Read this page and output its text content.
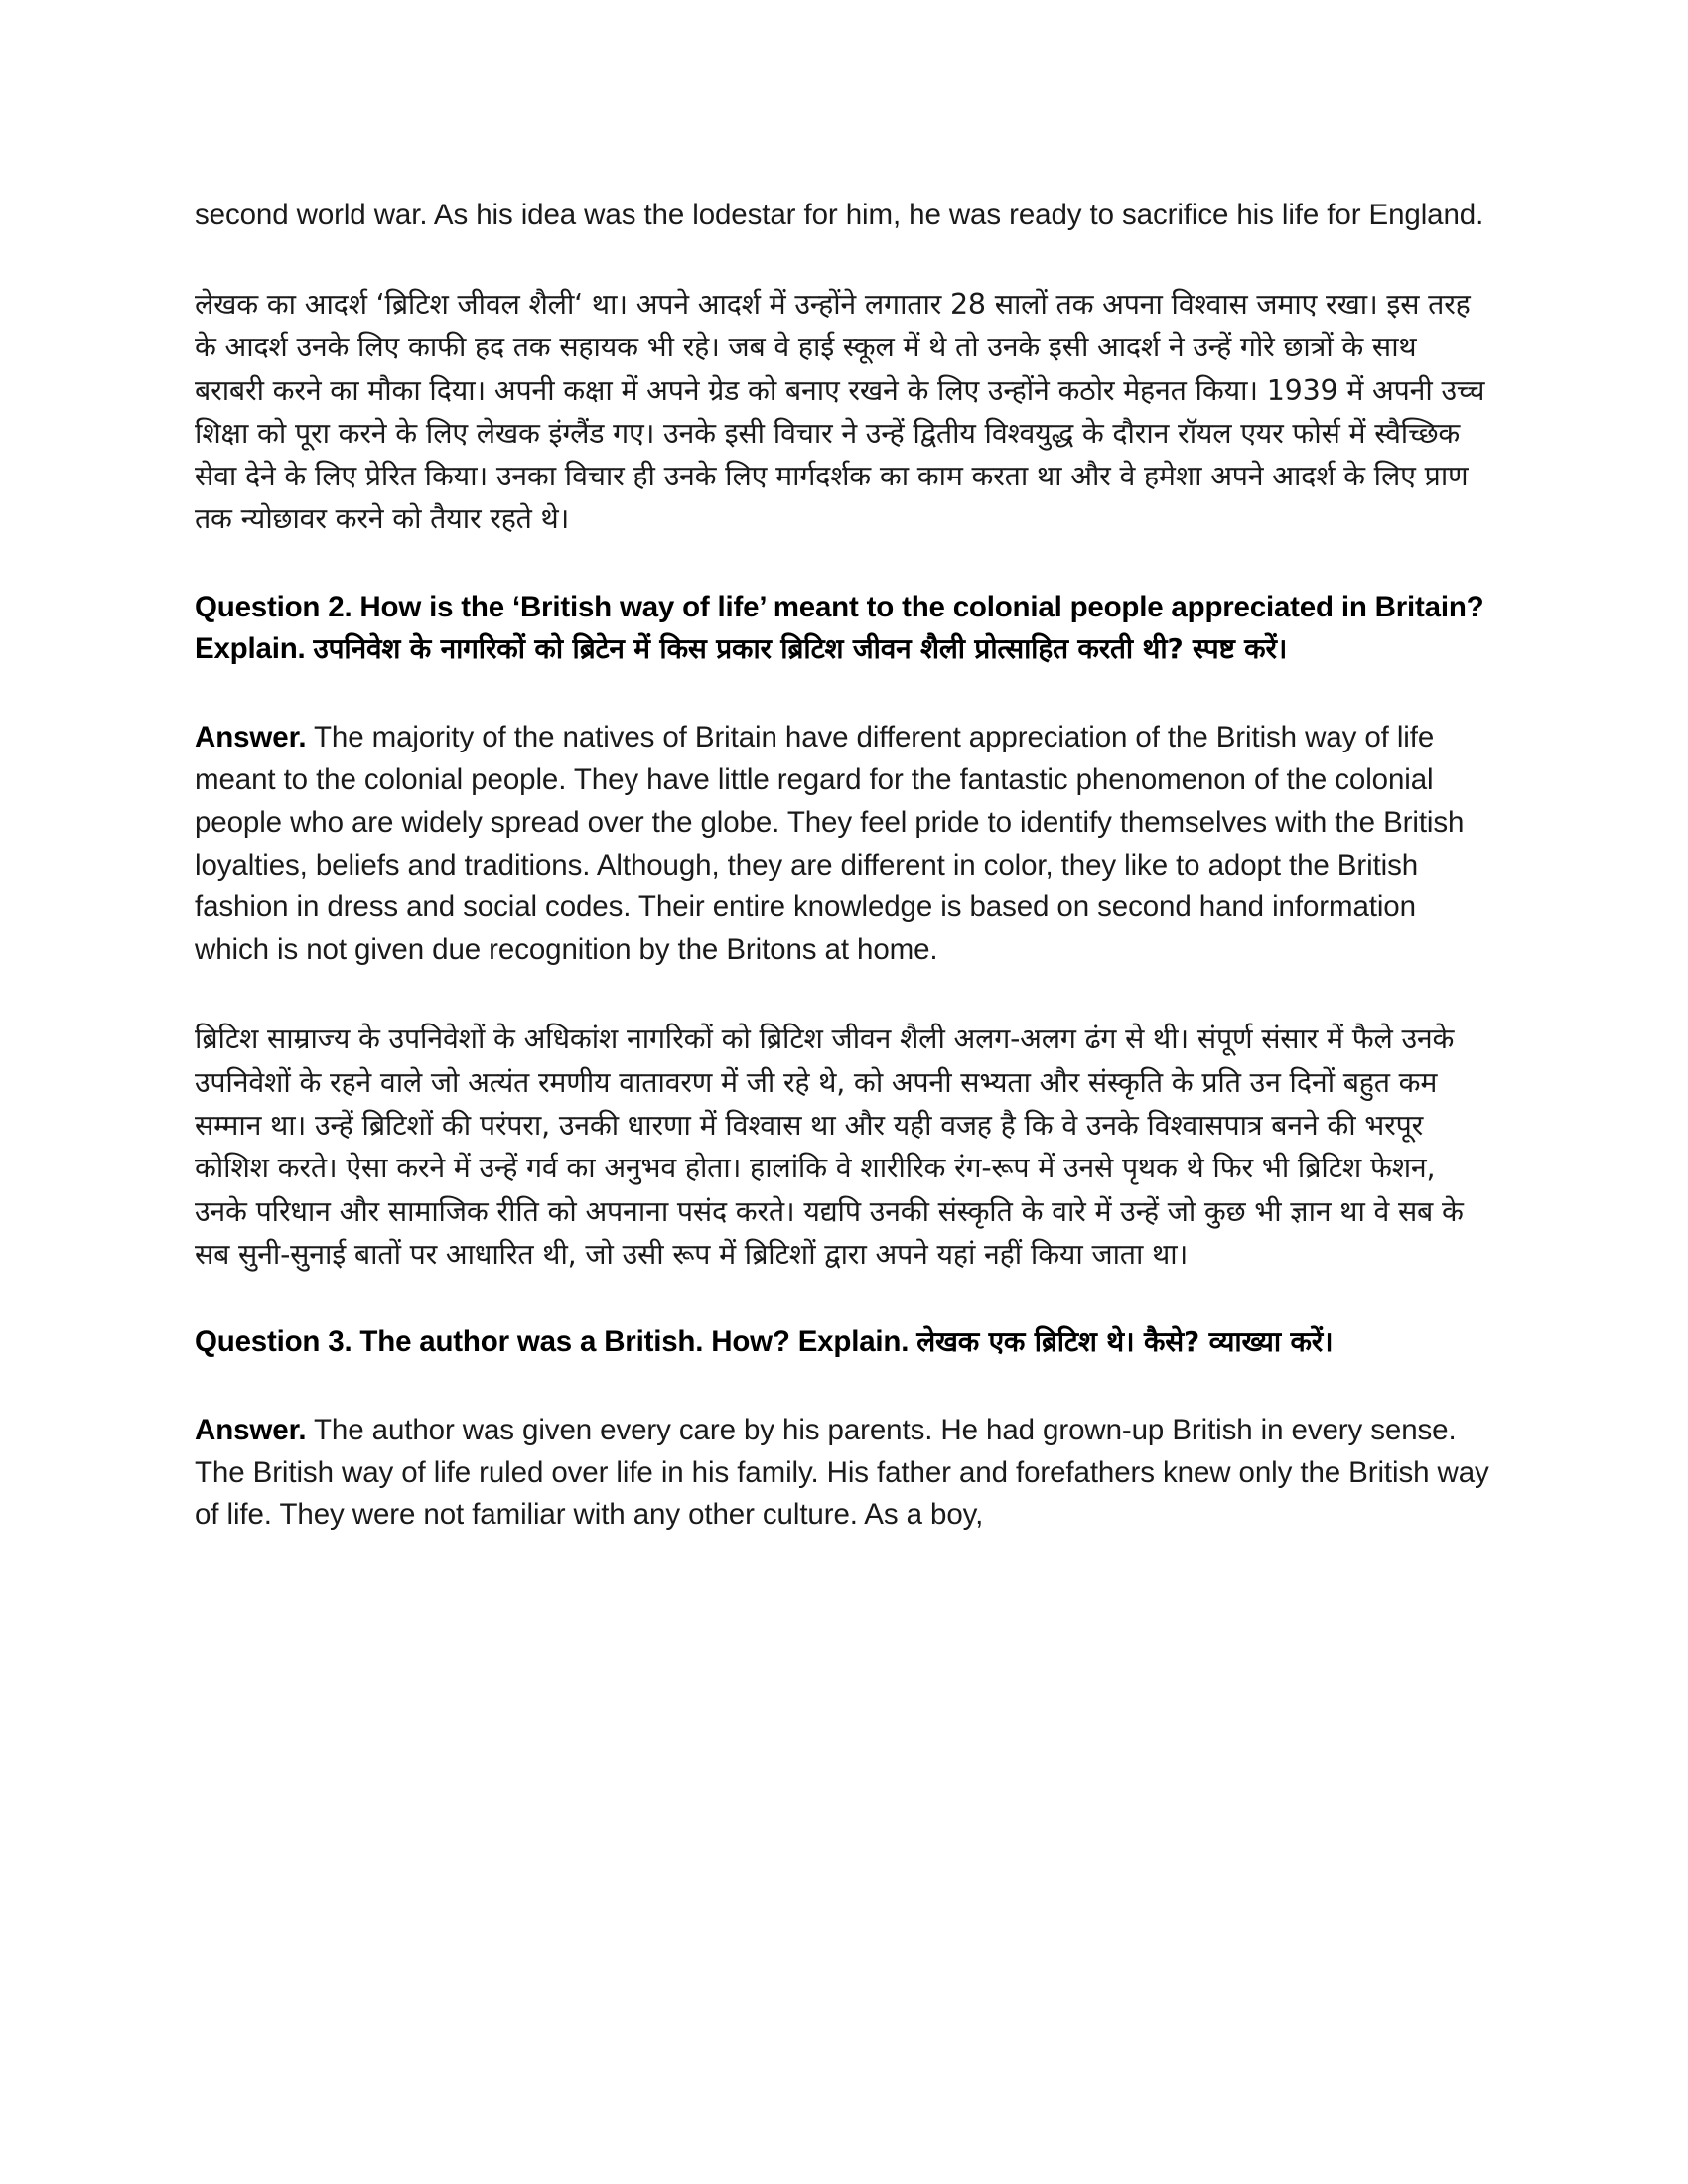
second world war. As his idea was the lodestar for him, he was ready to sacrifice his life for England.

लेखक का आदर्श ‘ब्रिटिश जीवल शैली‘ था। अपने आदर्श में उन्होंने लगातार 28 सालों तक अपना विश्वास जमाए रखा। इस तरह के आदर्श उनके लिए काफी हद तक सहायक भी रहे। जब वे हाई स्कूल में थे तो उनके इसी आदर्श ने उन्हें गोरे छात्रों के साथ बराबरी करने का मौका दिया। अपनी कक्षा में अपने ग्रेड को बनाए रखने के लिए उन्होंने कठोर मेहनत किया। 1939 में अपनी उच्च शिक्षा को पूरा करने के लिए लेखक इंग्लैंड गए। उनके इसी विचार ने उन्हें द्वितीय विश्वयुद्ध के दौरान रॉयल एयर फोर्स में स्वैच्छिक सेवा देने के लिए प्रेरित किया। उनका विचार ही उनके लिए मार्गदर्शक का काम करता था और वे हमेशा अपने आदर्श के लिए प्राण तक न्योछावर करने को तैयार रहते थे।

Question 2. How is the ‘British way of life’ meant to the colonial people appreciated in Britain? Explain. उपनिवेश के नागरिकों को ब्रिटेन में किस प्रकार ब्रिटिश जीवन शैली प्रोत्साहित करती थी? स्पष्ट करें।

Answer. The majority of the natives of Britain have different appreciation of the British way of life meant to the colonial people. They have little regard for the fantastic phenomenon of the colonial people who are widely spread over the globe. They feel pride to identify themselves with the British loyalties, beliefs and traditions. Although, they are different in color, they like to adopt the British fashion in dress and social codes. Their entire knowledge is based on second hand information which is not given due recognition by the Britons at home.

ब्रिटिश साम्राज्य के उपनिवेशों के अधिकांश नागरिकों को ब्रिटिश जीवन शैली अलग-अलग ढंग से थी। संपूर्ण संसार में फैले उनके उपनिवेशों के रहने वाले जो अत्यंत रमणीय वातावरण में जी रहे थे, को अपनी सभ्यता और संस्कृति के प्रति उन दिनों बहुत कम सम्मान था। उन्हें ब्रिटिशों की परंपरा, उनकी धारणा में विश्वास था और यही वजह है कि वे उनके विश्वासपात्र बनने की भरपूर कोशिश करते। ऐसा करने में उन्हें गर्व का अनुभव होता। हालांकि वे शारीरिक रंग-रूप में उनसे पृथक थे फिर भी ब्रिटिश फेशन, उनके परिधान और सामाजिक रीति को अपनाना पसंद करते। यद्यपि उनकी संस्कृति के वारे में उन्हें जो कुछ भी ज्ञान था वे सब के सब सुनी-सुनाई बातों पर आधारित थी, जो उसी रूप में ब्रिटिशों द्वारा अपने यहां नहीं किया जाता था।

Question 3. The author was a British. How? Explain. लेखक एक ब्रिटिश थे। कैसे? व्याख्या करें।

Answer. The author was given every care by his parents. He had grown-up British in every sense. The British way of life ruled over life in his family. His father and forefathers knew only the British way of life. They were not familiar with any other culture. As a boy,
